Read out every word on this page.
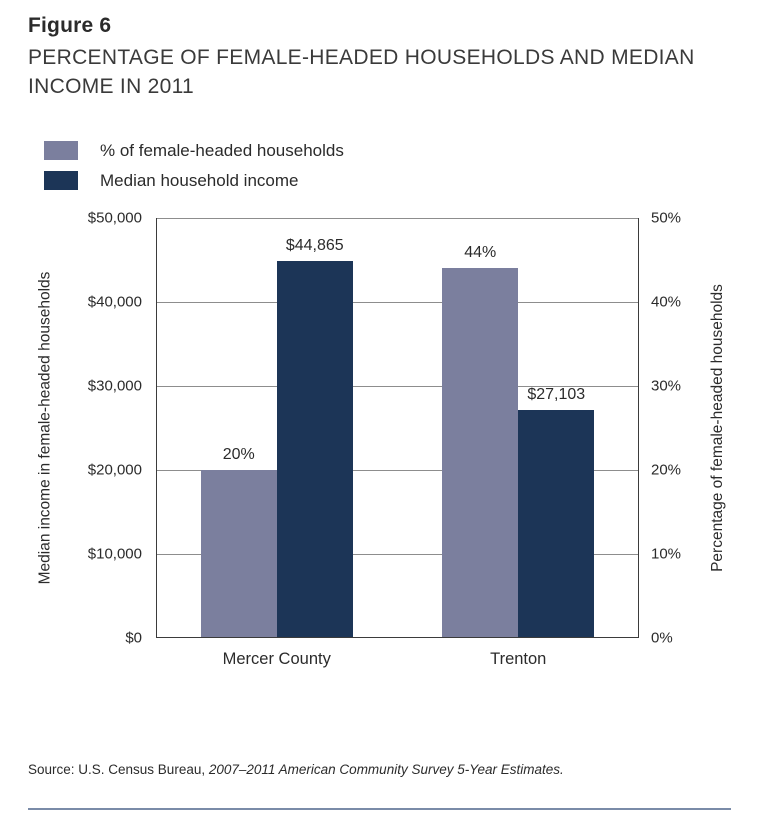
Figure 6
PERCENTAGE OF FEMALE-HEADED HOUSEHOLDS AND MEDIAN INCOME IN 2011
% of female-headed households
Median household income
Median income in female-headed households	Percentage of female-headed households
$0
$10,000
$20,000
$30,000
$40,000
$50,000
0%
10%
20%
30%
40%
50%
20%
$44,865	44%
$27,103
Mercer County	Trenton
Source: U.S. Census Bureau, 2007–2011 American Community Survey 5-Year Estimates.
